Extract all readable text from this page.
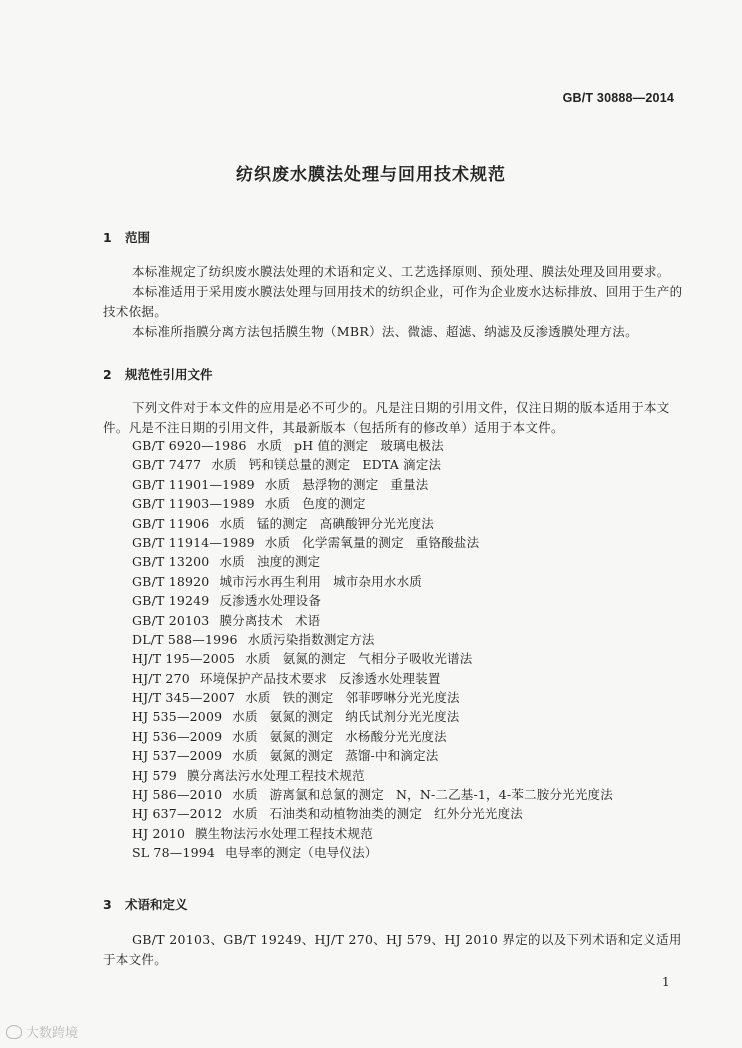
GB/T 30888—2014
纺织废水膜法处理与回用技术规范
1 范围
本标准规定了纺织废水膜法处理的术语和定义、工艺选择原则、预处理、膜法处理及回用要求。
本标准适用于采用废水膜法处理与回用技术的纺织企业，可作为企业废水达标排放、回用于生产的技术依据。
本标准所指膜分离方法包括膜生物（MBR）法、微滤、超滤、纳滤及反渗透膜处理方法。
2 规范性引用文件
下列文件对于本文件的应用是必不可少的。凡是注日期的引用文件，仅注日期的版本适用于本文件。凡是不注日期的引用文件，其最新版本（包括所有的修改单）适用于本文件。
GB/T 6920—1986 水质 pH 值的测定 玻璃电极法
GB/T 7477 水质 钙和镁总量的测定 EDTA 滴定法
GB/T 11901—1989 水质 悬浮物的测定 重量法
GB/T 11903—1989 水质 色度的测定
GB/T 11906 水质 锰的测定 高碘酸钾分光光度法
GB/T 11914—1989 水质 化学需氧量的测定 重铬酸盐法
GB/T 13200 水质 浊度的测定
GB/T 18920 城市污水再生利用 城市杂用水水质
GB/T 19249 反渗透水处理设备
GB/T 20103 膜分离技术 术语
DL/T 588—1996 水质污染指数测定方法
HJ/T 195—2005 水质 氨氮的测定 气相分子吸收光谱法
HJ/T 270 环境保护产品技术要求 反渗透水处理装置
HJ/T 345—2007 水质 铁的测定 邻菲啰啉分光光度法
HJ 535—2009 水质 氨氮的测定 纳氏试剂分光光度法
HJ 536—2009 水质 氨氮的测定 水杨酸分光光度法
HJ 537—2009 水质 氨氮的测定 蒸馏-中和滴定法
HJ 579 膜分离法污水处理工程技术规范
HJ 586—2010 水质 游离氯和总氯的测定 N，N-二乙基-1，4-苯二胺分光光度法
HJ 637—2012 水质 石油类和动植物油类的测定 红外分光光度法
HJ 2010 膜生物法污水处理工程技术规范
SL 78—1994 电导率的测定（电导仪法）
3 术语和定义
GB/T 20103、GB/T 19249、HJ/T 270、HJ 579、HJ 2010 界定的以及下列术语和定义适用于本文件。
1
大数跨境
